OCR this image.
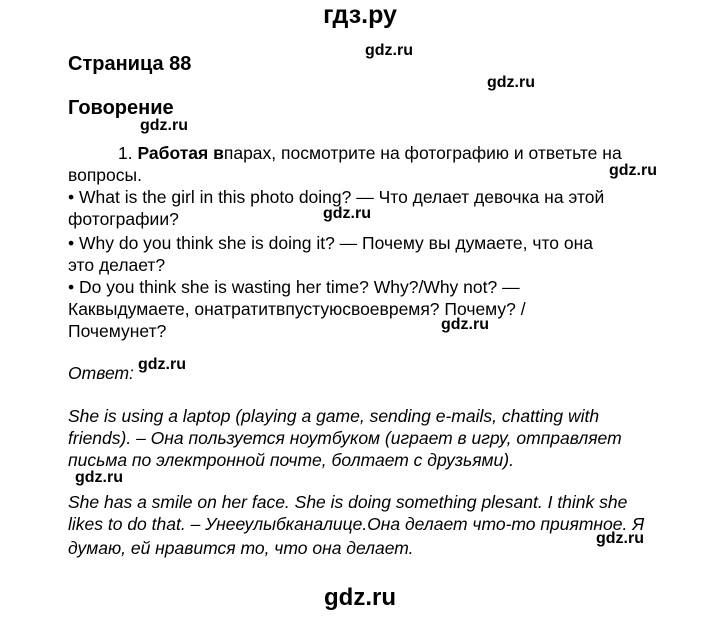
гдз.ру
gdz.ru
Страница 88
gdz.ru
Говорение
gdz.ru
1. Работая впарах, посмотрите на фотографию и ответьте на
gdz.ru
вопросы.
• What is the girl in this photo doing? — Что делает девочка на этой
фотографии?	gdz.ru
• Why do you think she is doing it? — Почему вы думаете, что она
это делает?
• Do you think she is wasting her time? Why?/Why not? —
Каквыдумаете, онатратитвпустуюсвоевремя? Почему? /
Почемунет?	gdz.ru
Ответ: gdz.ru
She is using a laptop (playing a game, sending e-mails, chatting with
friends). – Она пользуется ноутбуком (играет в игру, отправляет
письма по электронной почте, болтает с друзьями).
gdz.ru
She has a smile on her face. She is doing something plesant. I think she
likes to do that. – Унееулыбканалице.Она делает что-то приятное. Я
думаю, ей нравится то, что она делает.	gdz.ru
gdz.ru
